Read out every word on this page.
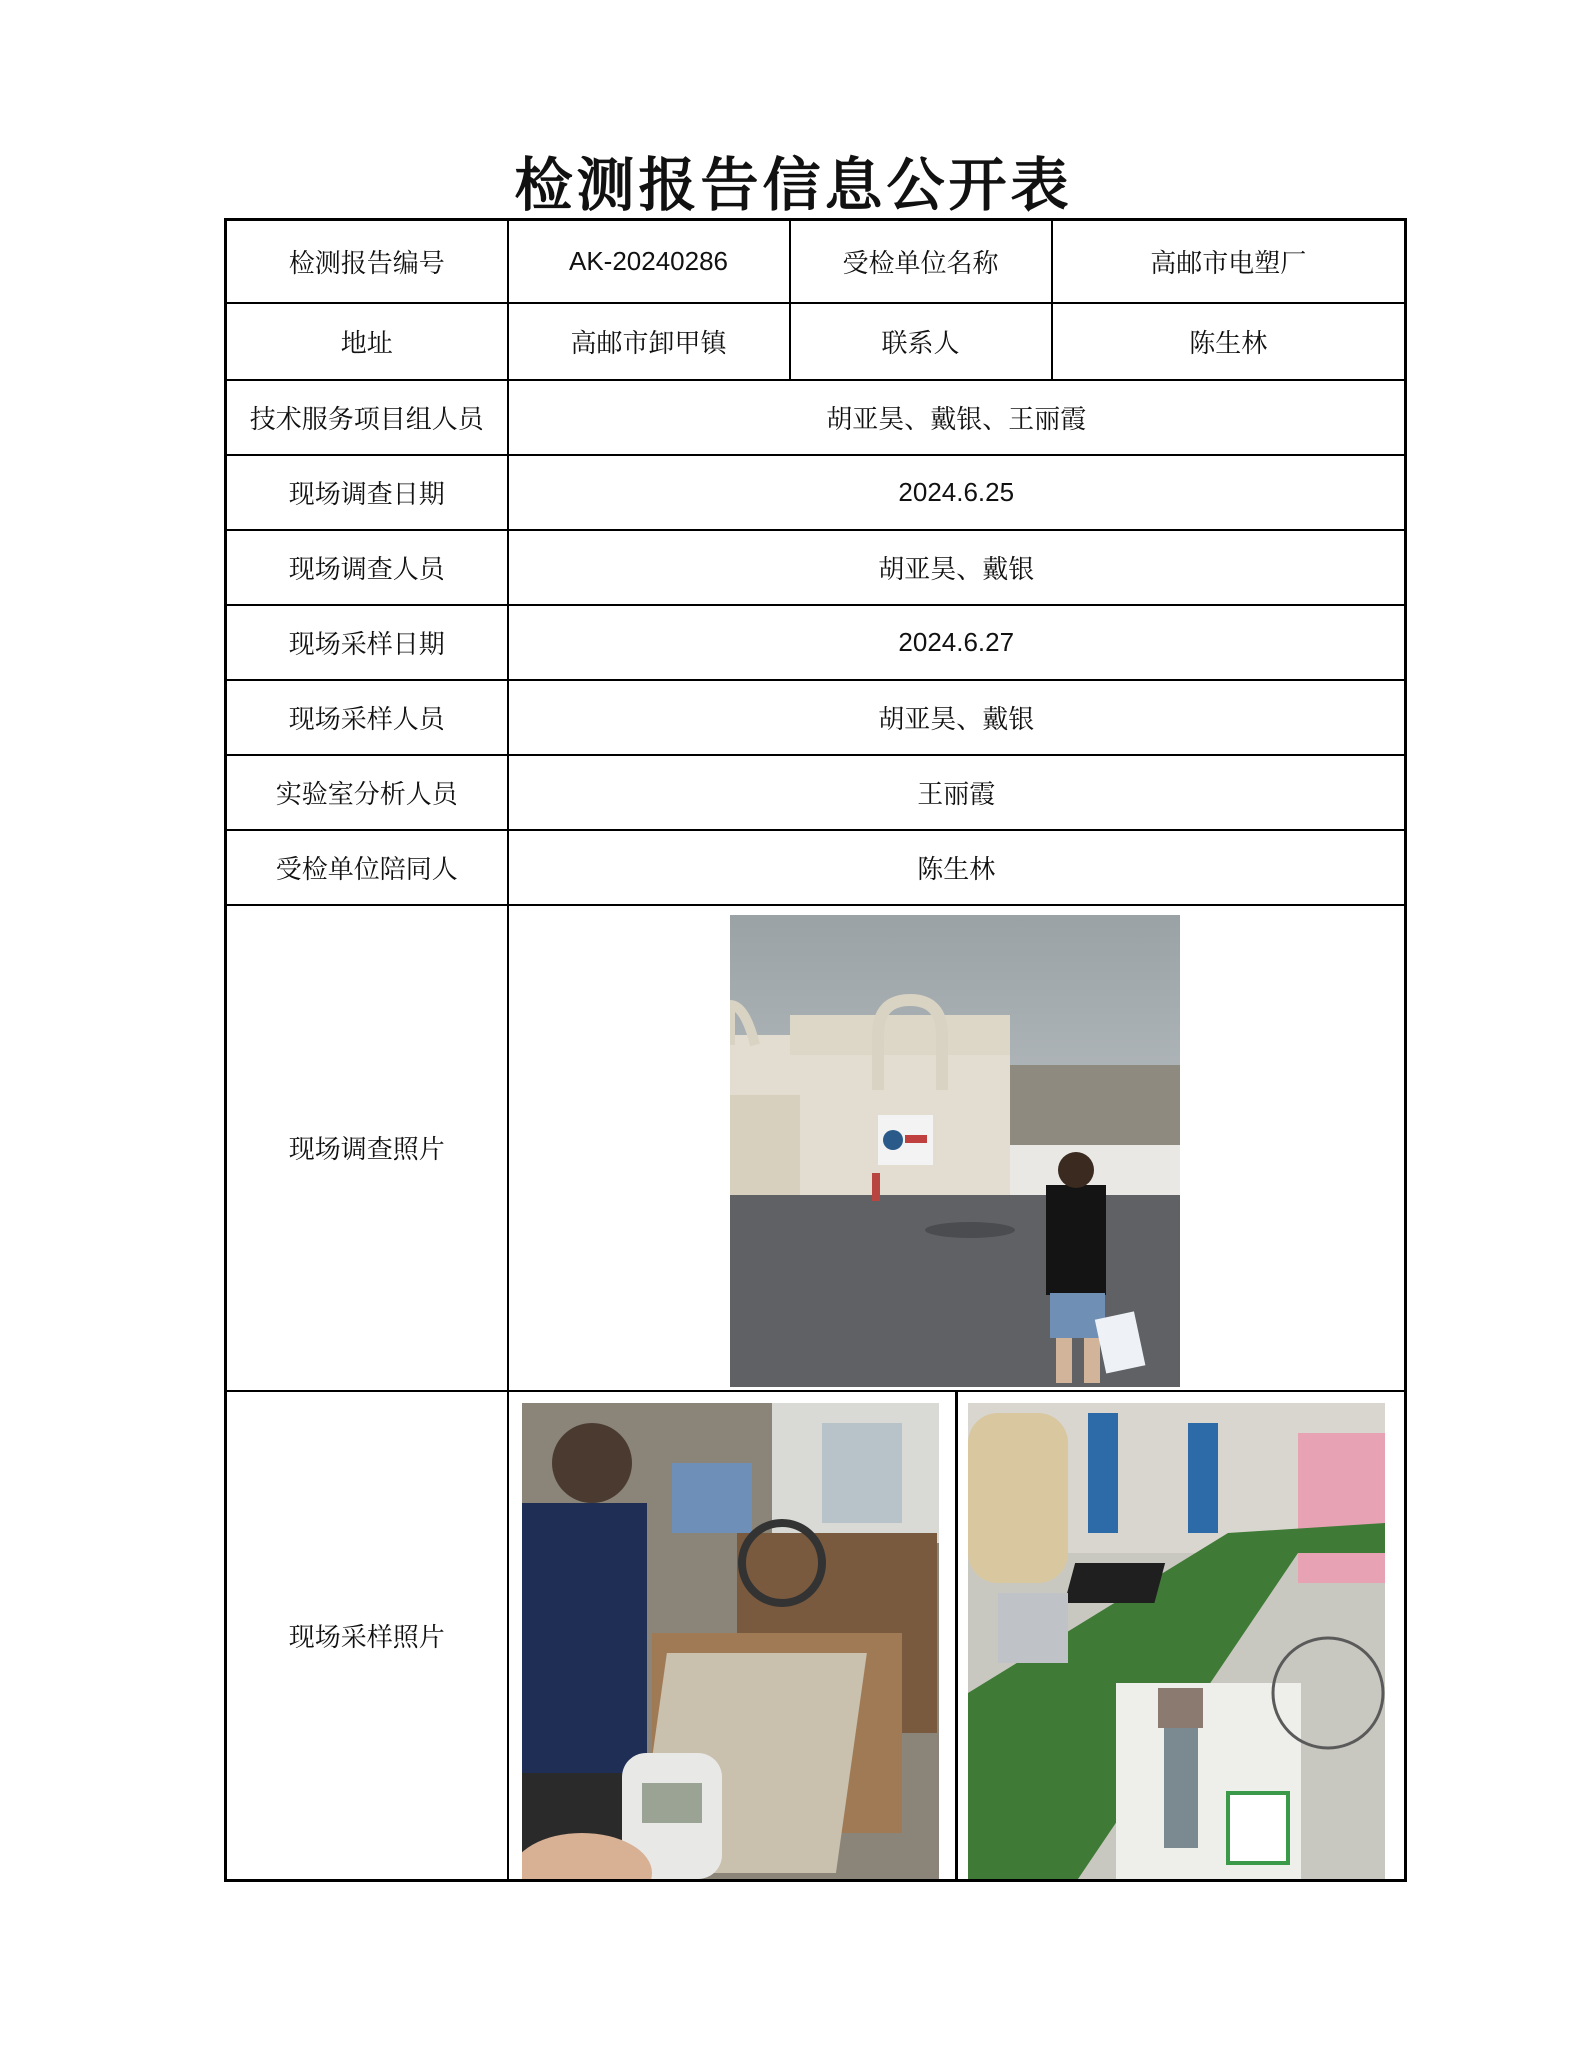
检测报告信息公开表
检测报告编号	AK-20240286	受检单位名称	高邮市电塑厂
地址	高邮市卸甲镇	联系人	陈生林
技术服务项目组人员	胡亚昊、戴银、王丽霞		
现场调查日期	2024.6.25		
现场调查人员	胡亚昊、戴银		
现场采样日期	2024.6.27		
现场采样人员	胡亚昊、戴银		
实验室分析人员	王丽霞		
受检单位陪同人	陈生林		
现场调查照片	

现场采样照片	
